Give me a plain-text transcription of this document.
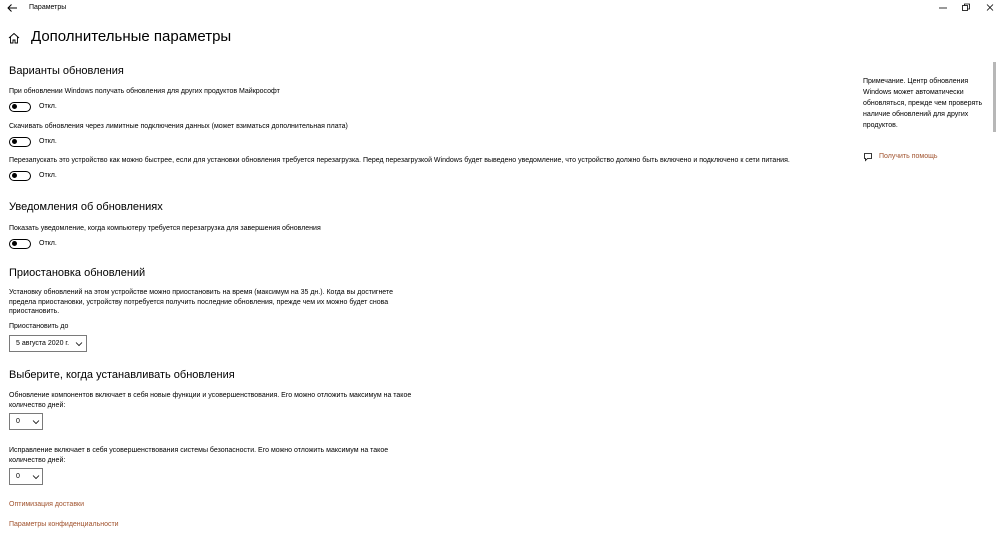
Параметры
Дополнительные параметры
Варианты обновления
При обновлении Windows получать обновления для других продуктов Майкрософт
Откл.
Скачивать обновления через лимитные подключения данных (может взиматься дополнительная плата)
Откл.
Перезапускать это устройство как можно быстрее, если для установки обновления требуется перезагрузка. Перед перезагрузкой Windows будет выведено уведомление, что устройство должно быть включено и подключено к сети питания.
Откл.
Уведомления об обновлениях
Показать уведомление, когда компьютеру требуется перезагрузка для завершения обновления
Откл.
Приостановка обновлений
Установку обновлений на этом устройстве можно приостановить на время (максимум на 35 дн.). Когда вы достигнете предела приостановки, устройству потребуется получить последние обновления, прежде чем их можно будет снова приостановить.
Приостановить до
5 августа 2020 г.
Выберите, когда устанавливать обновления
Обновление компонентов включает в себя новые функции и усовершенствования. Его можно отложить максимум на такое количество дней:
0
Исправление включает в себя усовершенствования системы безопасности. Его можно отложить максимум на такое количество дней:
0
Оптимизация доставки
Параметры конфиденциальности
Примечание. Центр обновления Windows может автоматически обновляться, прежде чем проверять наличие обновлений для других продуктов.
Получить помощь
